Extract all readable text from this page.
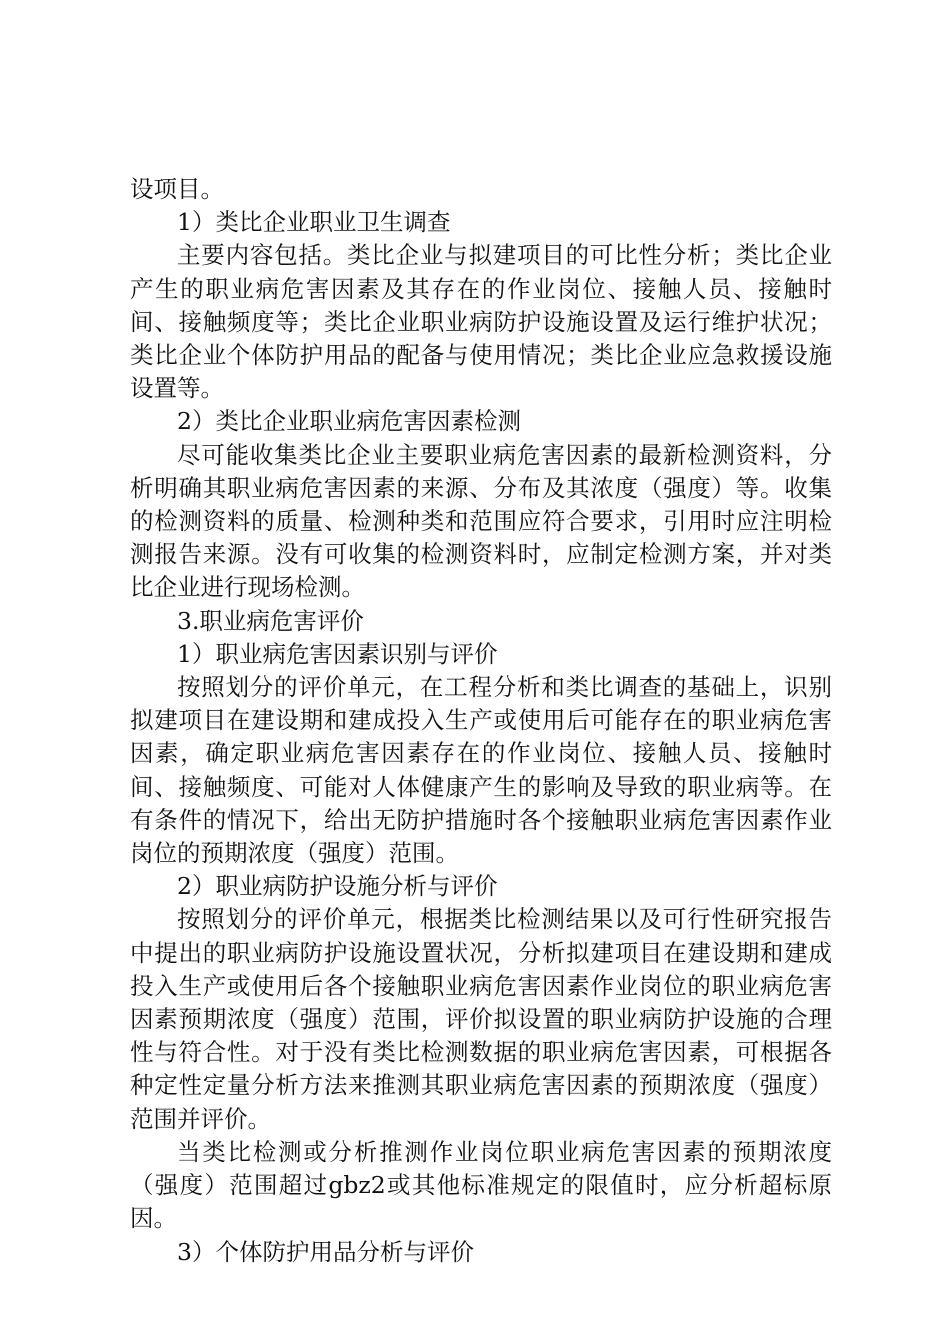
设项目。

1）类比企业职业卫生调查

主要内容包括。类比企业与拟建项目的可比性分析；类比企业产生的职业病危害因素及其存在的作业岗位、接触人员、接触时间、接触频度等；类比企业职业病防护设施设置及运行维护状况；类比企业个体防护用品的配备与使用情况；类比企业应急救援设施设置等。

2）类比企业职业病危害因素检测

尽可能收集类比企业主要职业病危害因素的最新检测资料，分析明确其职业病危害因素的来源、分布及其浓度（强度）等。收集的检测资料的质量、检测种类和范围应符合要求，引用时应注明检测报告来源。没有可收集的检测资料时，应制定检测方案，并对类比企业进行现场检测。

3.职业病危害评价

1）职业病危害因素识别与评价

按照划分的评价单元，在工程分析和类比调查的基础上，识别拟建项目在建设期和建成投入生产或使用后可能存在的职业病危害因素，确定职业病危害因素存在的作业岗位、接触人员、接触时间、接触频度、可能对人体健康产生的影响及导致的职业病等。在有条件的情况下，给出无防护措施时各个接触职业病危害因素作业岗位的预期浓度（强度）范围。

2）职业病防护设施分析与评价

按照划分的评价单元，根据类比检测结果以及可行性研究报告中提出的职业病防护设施设置状况，分析拟建项目在建设期和建成投入生产或使用后各个接触职业病危害因素作业岗位的职业病危害因素预期浓度（强度）范围，评价拟设置的职业病防护设施的合理性与符合性。对于没有类比检测数据的职业病危害因素，可根据各种定性定量分析方法来推测其职业病危害因素的预期浓度（强度）范围并评价。

当类比检测或分析推测作业岗位职业病危害因素的预期浓度（强度）范围超过gbz2或其他标准规定的限值时，应分析超标原因。

3）个体防护用品分析与评价
